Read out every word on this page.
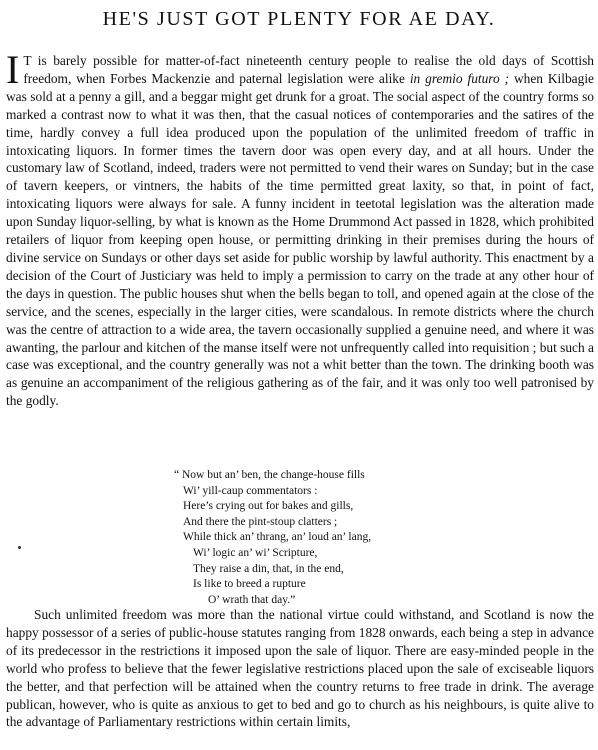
HE'S JUST GOT PLENTY FOR AE DAY.

I T is barely possible for matter-of-fact nineteenth century people to realise the old days of Scottish freedom, when Forbes Mackenzie and paternal legislation were alike in gremio futuro ; when Kilbagie was sold at a penny a gill, and a beggar might get drunk for a groat. The social aspect of the country forms so marked a contrast now to what it was then, that the casual notices of contemporaries and the satires of the time, hardly convey a full idea produced upon the population of the unlimited freedom of traffic in intoxicating liquors. In former times the tavern door was open every day, and at all hours. Under the customary law of Scotland, indeed, traders were not permitted to vend their wares on Sunday; but in the case of tavern keepers, or vintners, the habits of the time permitted great laxity, so that, in point of fact, intoxicating liquors were always for sale. A funny incident in teetotal legislation was the alteration made upon Sunday liquor-selling, by what is known as the Home Drummond Act passed in 1828, which prohibited retailers of liquor from keeping open house, or permitting drinking in their premises during the hours of divine service on Sundays or other days set aside for public worship by lawful authority. This enactment by a decision of the Court of Justiciary was held to imply a permission to carry on the trade at any other hour of the days in question. The public houses shut when the bells began to toll, and opened again at the close of the service, and the scenes, especially in the larger cities, were scandalous. In remote districts where the church was the centre of attraction to a wide area, the tavern occasionally supplied a genuine need, and where it was awanting, the parlour and kitchen of the manse itself were not unfrequently called into requisition ; but such a case was exceptional, and the country generally was not a whit better than the town. The drinking booth was as genuine an accompaniment of the religious gathering as of the fair, and it was only too well patronised by the godly.

“ Now but an’ ben, the change-house fills
Wi’ yill-caup commentators :
Here’s crying out for bakes and gills,
And there the pint-stoup clatters ;
While thick an’ thrang, an’ loud an’ lang,
Wi’ logic an’ wi’ Scripture,
They raise a din, that, in the end,
Is like to breed a rupture
O’ wrath that day.”

Such unlimited freedom was more than the national virtue could withstand, and Scotland is now the happy possessor of a series of public-house statutes ranging from 1828 onwards, each being a step in advance of its predecessor in the restrictions it imposed upon the sale of liquor. There are easy-minded people in the world who profess to believe that the fewer legislative restrictions placed upon the sale of exciseable liquors the better, and that perfection will be attained when the country returns to free trade in drink. The average publican, however, who is quite as anxious to get to bed and go to church as his neighbours, is quite alive to the advantage of Parliamentary restrictions within certain limits,
